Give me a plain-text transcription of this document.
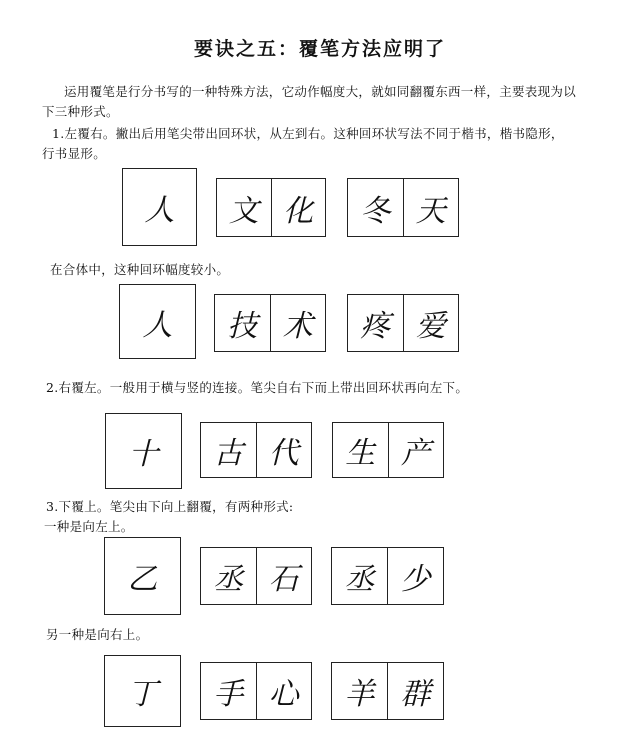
要诀之五：覆笔方法应明了
运用覆笔是行分书写的一种特殊方法，它动作幅度大，就如同翻覆东西一样，主要表现为以
下三种形式。
1.左覆右。撇出后用笔尖带出回环状，从左到右。这种回环状写法不同于楷书，楷书隐形，
行书显形。
人	文 化	冬 天
在合体中，这种回环幅度较小。
人	技 术	疼 爱
2.右覆左。一般用于横与竖的连接。笔尖自右下而上带出回环状再向左下。
十	古 代	生 产
3.下覆上。笔尖由下向上翻覆，有两种形式:
一种是向左上。
乙	丞 石	丞 少
另一种是向右上。
丁	手 心	羊 群
